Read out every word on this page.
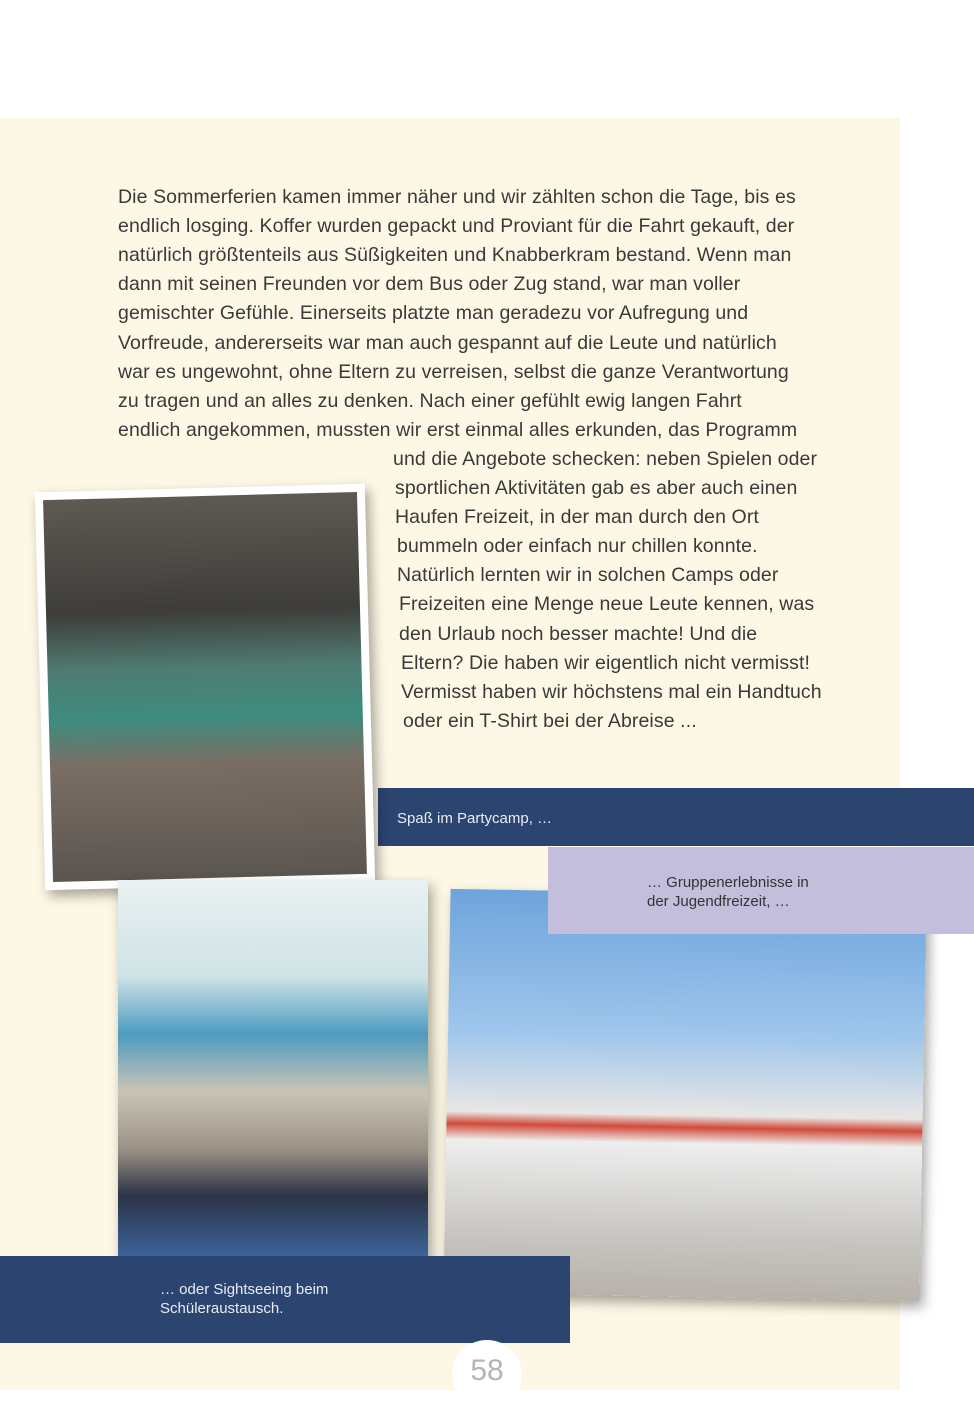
Die Sommerferien kamen immer näher und wir zählten schon die Tage, bis es
endlich losging. Koffer wurden gepackt und Proviant für die Fahrt gekauft, der
natürlich größtenteils aus Süßigkeiten und Knabberkram bestand. Wenn man
dann mit seinen Freunden vor dem Bus oder Zug stand, war man voller
gemischter Gefühle. Einerseits platzte man geradezu vor Aufregung und
Vorfreude, andererseits war man auch gespannt auf die Leute und natürlich
war es ungewohnt, ohne Eltern zu verreisen, selbst die ganze Verantwortung
zu tragen und an alles zu denken. Nach einer gefühlt ewig langen Fahrt
endlich angekommen, mussten wir erst einmal alles erkunden, das Programm
und die Angebote schecken: neben Spielen oder
sportlichen Aktivitäten gab es aber auch einen
Haufen Freizeit, in der man durch den Ort
bummeln oder einfach nur chillen konnte.
Natürlich lernten wir in solchen Camps oder
Freizeiten eine Menge neue Leute kennen, was
den Urlaub noch besser machte! Und die
Eltern? Die haben wir eigentlich nicht vermisst!
Vermisst haben wir höchstens mal ein Handtuch
oder ein T-Shirt bei der Abreise ...
Spaß im Partycamp, …
… Gruppenerlebnisse in
der Jugendfreizeit, …
… oder Sightseeing beim
Schüleraustausch.
58
